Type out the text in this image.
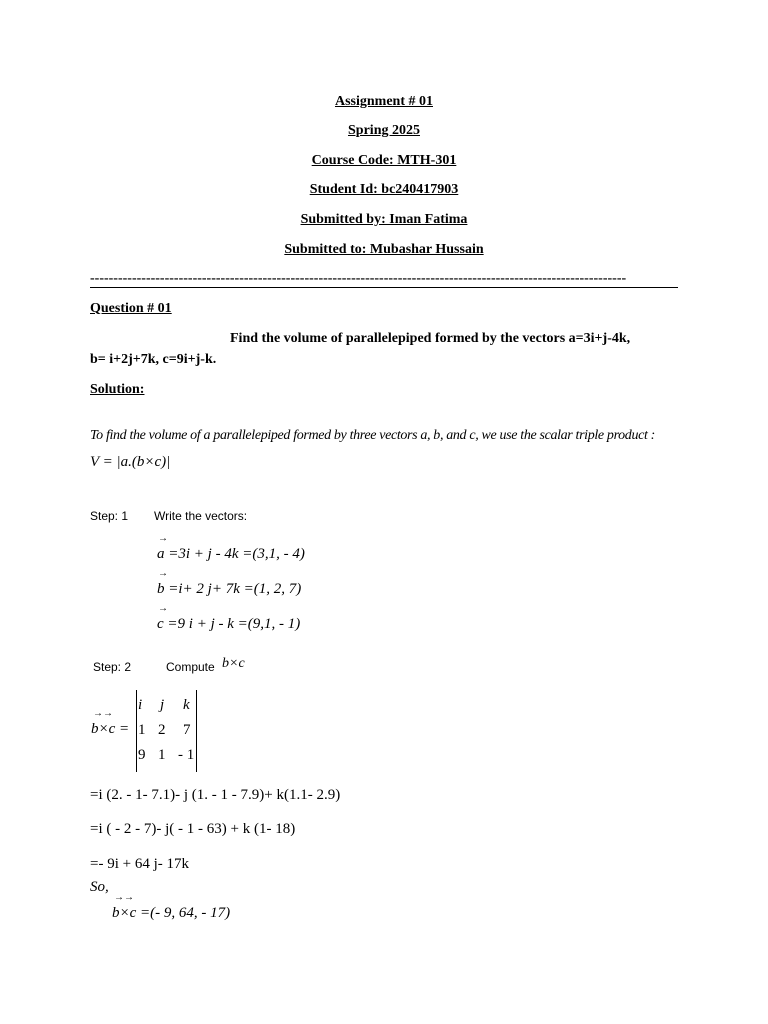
Assignment # 01
Spring 2025
Course Code: MTH-301
Student Id: bc240417903
Submitted by: Iman Fatima
Submitted to: Mubashar Hussain
-------------------------------------------------------------------------------------------------------------------
Question # 01
Find the volume of parallelepiped formed by the vectors a=3i+j-4k,
b= i+2j+7k, c=9i+j-k.
Solution:
To find the volume of a parallelepiped formed by three vectors a, b, and c, we use the scalar triple product :
V = |a.(b×c)|
Step: 1 Write the vectors:
→
a =3i + j - 4k =(3,1, - 4)
→
b =i+ 2 j+ 7k =(1, 2, 7)
→
c =9 i + j - k =(9,1, - 1)
Step: 2	Compute b×c
→→
b×c =
i j k
1 2 7
9 1 - 1
=i (2. - 1- 7.1)- j (1. - 1 - 7.9)+ k(1.1- 2.9)
=i ( - 2 - 7)- j( - 1 - 63) + k (1- 18)
=- 9i + 64 j- 17k
So,
→→
b×c =(- 9, 64, - 17)
